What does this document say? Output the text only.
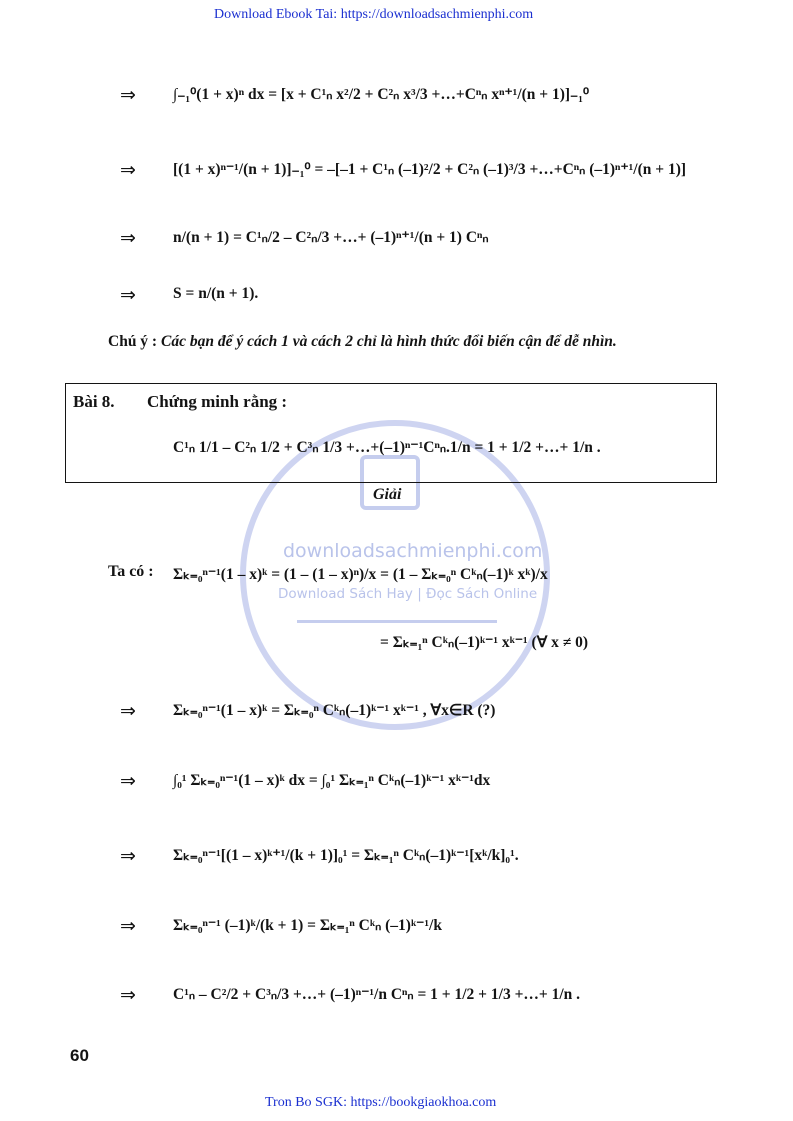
Download Ebook Tai: https://downloadsachmienphi.com
Tron Bo SGK: https://bookgiaokhoa.com
downloadsachmienphi.com
Download Sách Hay | Đọc Sách Online
⇒ ∫₋₁⁰(1 + x)ⁿ dx = [x + C¹ₙ x²/2 + C²ₙ x³/3 +…+Cⁿₙ xⁿ⁺¹/(n + 1)]₋₁⁰
⇒ [(1 + x)ⁿ⁻¹/(n + 1)]₋₁⁰ = –[–1 + C¹ₙ (–1)²/2 + C²ₙ (–1)³/3 +…+Cⁿₙ (–1)ⁿ⁺¹/(n + 1)]
⇒ n/(n + 1) = C¹ₙ/2 – C²ₙ/3 +…+ (–1)ⁿ⁺¹/(n + 1) Cⁿₙ
⇒ S = n/(n + 1).
Chú ý : Các bạn để ý cách 1 và cách 2 chỉ là hình thức đổi biến cận để dễ nhìn.
Bài 8. Chứng minh rằng :
C¹ₙ 1/1 – C²ₙ 1/2 + C³ₙ 1/3 +…+(–1)ⁿ⁻¹Cⁿₙ.1/n = 1 + 1/2 +…+ 1/n .
Giải
Ta có : Σₖ₌₀ⁿ⁻¹(1 – x)ᵏ = (1 – (1 – x)ⁿ)/x = (1 – Σₖ₌₀ⁿ Cᵏₙ(–1)ᵏ xᵏ)/x
= Σₖ₌₁ⁿ Cᵏₙ(–1)ᵏ⁻¹ xᵏ⁻¹ (∀ x ≠ 0)
⇒ Σₖ₌₀ⁿ⁻¹(1 – x)ᵏ = Σₖ₌₀ⁿ Cᵏₙ(–1)ᵏ⁻¹ xᵏ⁻¹ , ∀x∈R (?)
⇒ ∫₀¹ Σₖ₌₀ⁿ⁻¹(1 – x)ᵏ dx = ∫₀¹ Σₖ₌₁ⁿ Cᵏₙ(–1)ᵏ⁻¹ xᵏ⁻¹dx
⇒ Σₖ₌₀ⁿ⁻¹[(1 – x)ᵏ⁺¹/(k + 1)]₀¹ = Σₖ₌₁ⁿ Cᵏₙ(–1)ᵏ⁻¹[xᵏ/k]₀¹.
⇒ Σₖ₌₀ⁿ⁻¹ (–1)ᵏ/(k + 1) = Σₖ₌₁ⁿ Cᵏₙ (–1)ᵏ⁻¹/k
⇒ C¹ₙ – C²/2 + C³ₙ/3 +…+ (–1)ⁿ⁻¹/n Cⁿₙ = 1 + 1/2 + 1/3 +…+ 1/n .
60
